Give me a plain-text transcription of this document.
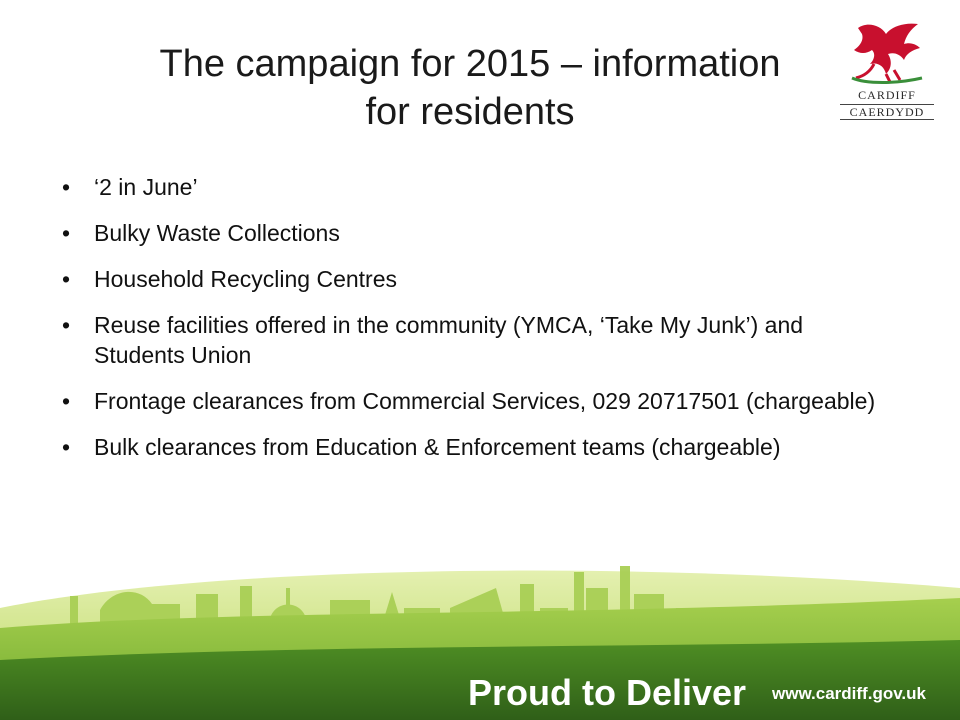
The campaign for 2015 – information
for residents	CARDIFF
CAERDYDD
• ‘2 in June’
• Bulky Waste Collections
• Household Recycling Centres
• Reuse facilities offered in the community (YMCA, ‘Take My Junk’) and Students Union
• Frontage clearances from Commercial Services, 029 20717501 (chargeable)
• Bulk clearances from Education & Enforcement teams (chargeable)
Proud to Deliver www.cardiff.gov.uk
